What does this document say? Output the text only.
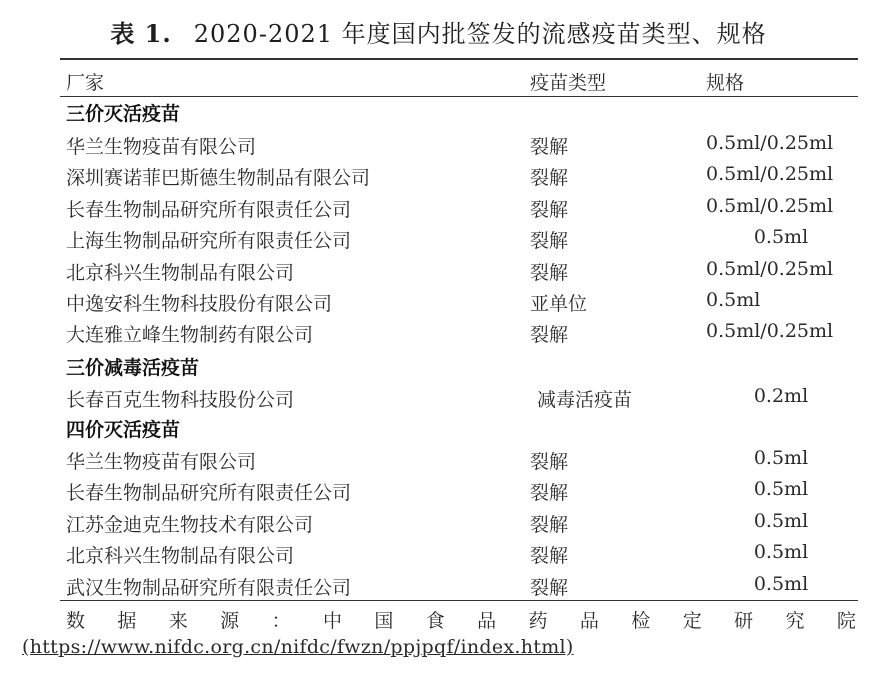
表 1. 2020-2021 年度国内批签发的流感疫苗类型、规格
厂家	疫苗类型	规格
三价灭活疫苗
华兰生物疫苗有限公司	裂解	0.5ml/0.25ml
深圳赛诺菲巴斯德生物制品有限公司	裂解	0.5ml/0.25ml
长春生物制品研究所有限责任公司	裂解	0.5ml/0.25ml
上海生物制品研究所有限责任公司	裂解	0.5ml
北京科兴生物制品有限公司	裂解	0.5ml/0.25ml
中逸安科生物科技股份有限公司	亚单位	0.5ml
大连雅立峰生物制药有限公司	裂解	0.5ml/0.25ml
三价减毒活疫苗
长春百克生物科技股份公司	减毒活疫苗	0.2ml
四价灭活疫苗
华兰生物疫苗有限公司	裂解	0.5ml
长春生物制品研究所有限责任公司	裂解	0.5ml
江苏金迪克生物技术有限公司	裂解	0.5ml
北京科兴生物制品有限公司	裂解	0.5ml
武汉生物制品研究所有限责任公司	裂解	0.5ml
数 据 来 源 ： 中 国 食 品 药 品 检 定 研 究 院
(https://www.nifdc.org.cn/nifdc/fwzn/ppjpqf/index.html)
